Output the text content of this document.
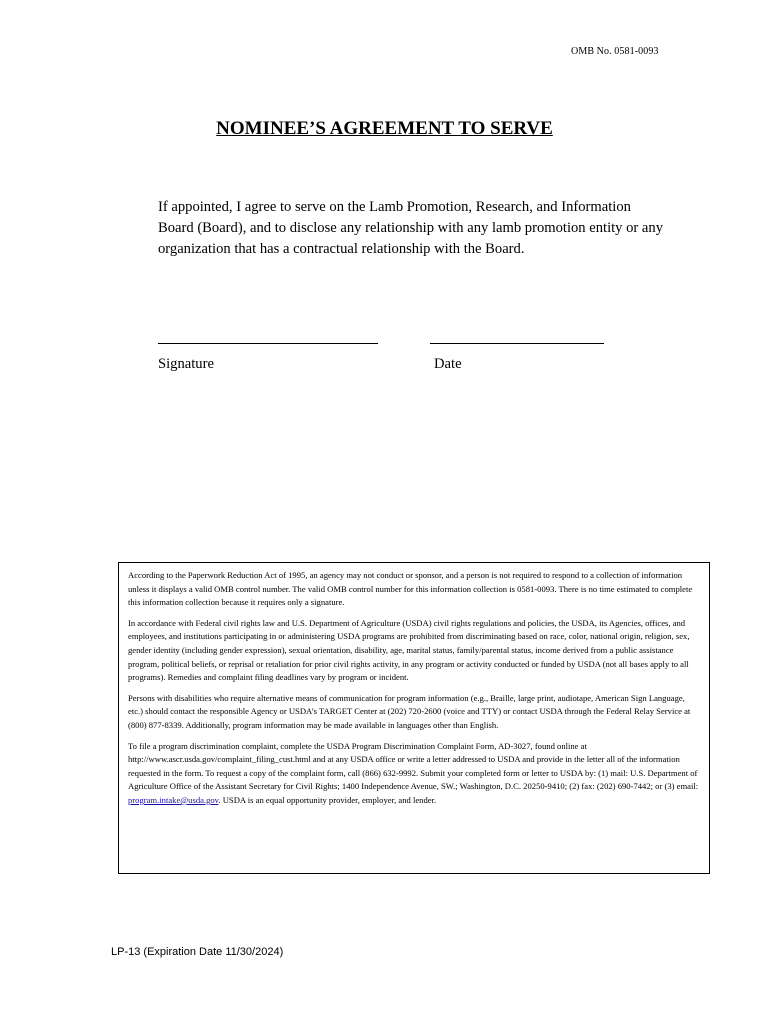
OMB No. 0581-0093
NOMINEE’S AGREEMENT TO SERVE

If appointed, I agree to serve on the Lamb Promotion, Research, and Information Board (Board), and to disclose any relationship with any lamb promotion entity or any organization that has a contractual relationship with the Board.

Signature	Date

According to the Paperwork Reduction Act of 1995, an agency may not conduct or sponsor, and a person is not required to respond to a collection of information unless it displays a valid OMB control number. The valid OMB control number for this information collection is 0581-0093. There is no time estimated to complete this information collection because it requires only a signature.

In accordance with Federal civil rights law and U.S. Department of Agriculture (USDA) civil rights regulations and policies, the USDA, its Agencies, offices, and employees, and institutions participating in or administering USDA programs are prohibited from discriminating based on race, color, national origin, religion, sex, gender identity (including gender expression), sexual orientation, disability, age, marital status, family/parental status, income derived from a public assistance program, political beliefs, or reprisal or retaliation for prior civil rights activity, in any program or activity conducted or funded by USDA (not all bases apply to all programs). Remedies and complaint filing deadlines vary by program or incident.

Persons with disabilities who require alternative means of communication for program information (e.g., Braille, large print, audiotape, American Sign Language, etc.) should contact the responsible Agency or USDA’s TARGET Center at (202) 720-2600 (voice and TTY) or contact USDA through the Federal Relay Service at (800) 877-8339. Additionally, program information may be made available in languages other than English.

To file a program discrimination complaint, complete the USDA Program Discrimination Complaint Form, AD-3027, found online at http://www.ascr.usda.gov/complaint_filing_cust.html and at any USDA office or write a letter addressed to USDA and provide in the letter all of the information requested in the form. To request a copy of the complaint form, call (866) 632-9992. Submit your completed form or letter to USDA by: (1) mail: U.S. Department of Agriculture Office of the Assistant Secretary for Civil Rights; 1400 Independence Avenue, SW.; Washington, D.C. 20250-9410; (2) fax: (202) 690-7442; or (3) email: program.intake@usda.gov. USDA is an equal opportunity provider, employer, and lender.

LP-13 (Expiration Date 11/30/2024)
